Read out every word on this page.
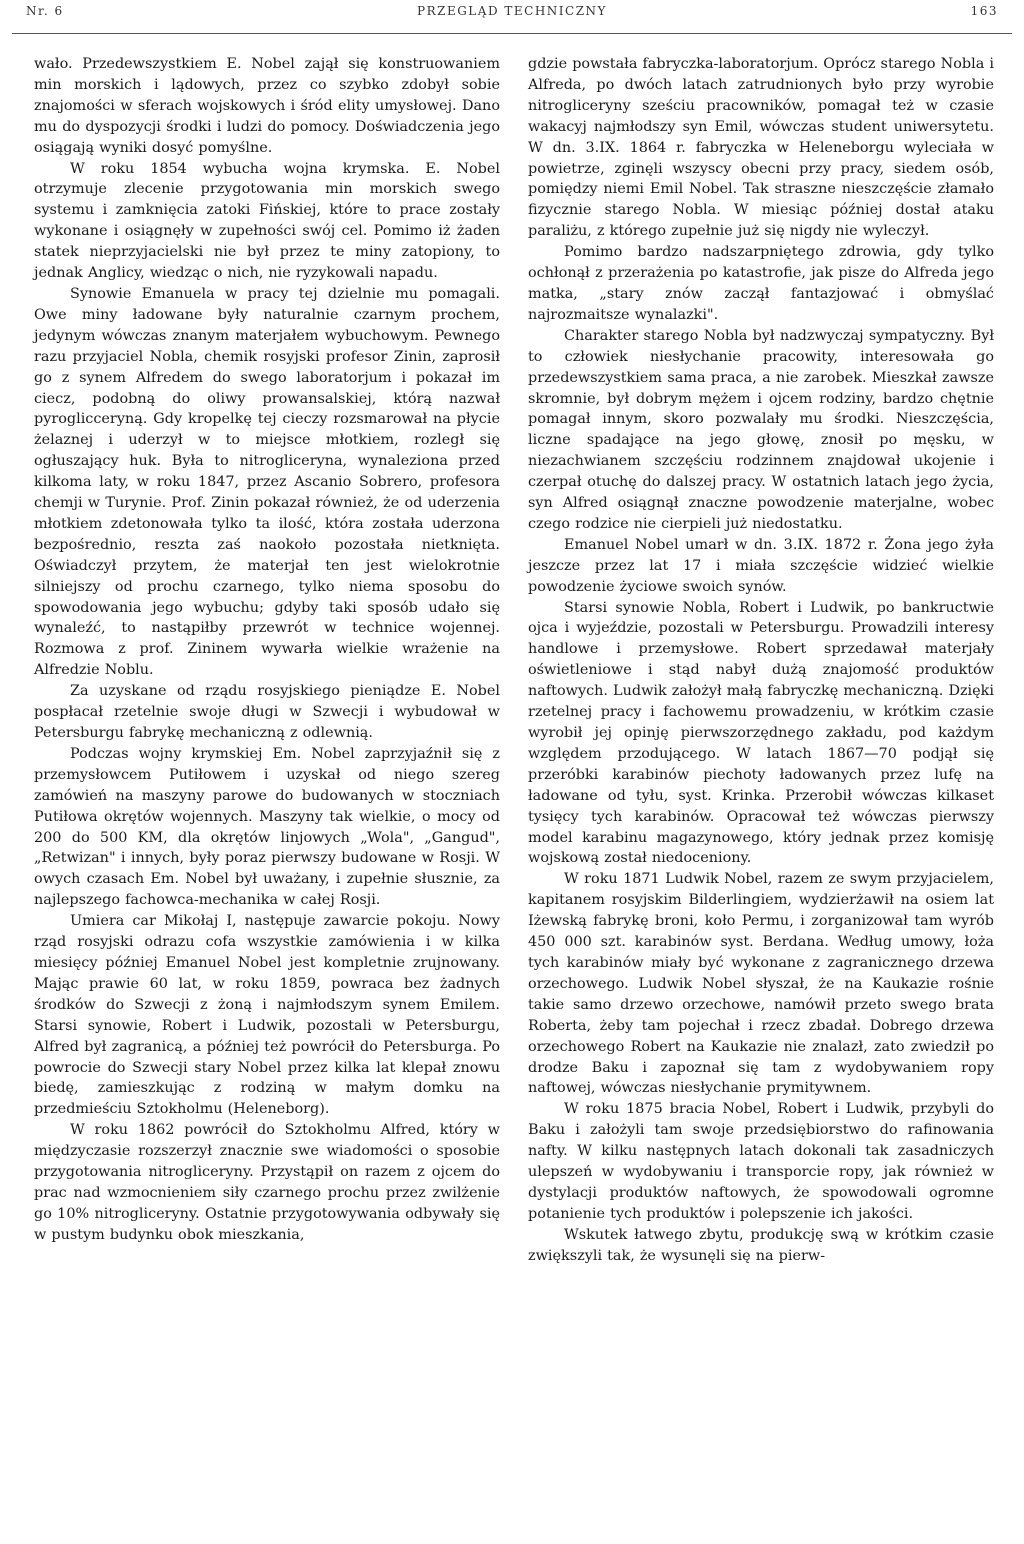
Nr. 6	PRZEGLĄD TECHNICZNY	163

wało. Przedewszystkiem E. Nobel zajął się konstruowaniem min morskich i lądowych, przez co szybko zdobył sobie znajomości w sferach wojskowych i śród elity umysłowej. Dano mu do dyspozycji środki i ludzi do pomocy. Doświadczenia jego osiągają wyniki dosyć pomyślne.

W roku 1854 wybucha wojna krymska. E. Nobel otrzymuje zlecenie przygotowania min morskich swego systemu i zamknięcia zatoki Fińskiej, które to prace zostały wykonane i osiągnęły w zupełności swój cel. Pomimo iż żaden statek nieprzyjacielski nie był przez te miny zatopiony, to jednak Anglicy, wiedząc o nich, nie ryzykowali napadu.

Synowie Emanuela w pracy tej dzielnie mu pomagali. Owe miny ładowane były naturalnie czarnym prochem, jedynym wówczas znanym materjałem wybuchowym. Pewnego razu przyjaciel Nobla, chemik rosyjski profesor Zinin, zaprosił go z synem Alfredem do swego laboratorjum i pokazał im ciecz, podobną do oliwy prowansalskiej, którą nazwał pyroglicceryną. Gdy kropelkę tej cieczy rozsmarował na płycie żelaznej i uderzył w to miejsce młotkiem, rozległ się ogłuszający huk. Była to nitrogliceryna, wynaleziona przed kilkoma laty, w roku 1847, przez Ascanio Sobrero, profesora chemji w Turynie. Prof. Zinin pokazał również, że od uderzenia młotkiem zdetonowała tylko ta ilość, która została uderzona bezpośrednio, reszta zaś naokoło pozostała nietknięta. Oświadczył przytem, że materjał ten jest wielokrotnie silniejszy od prochu czarnego, tylko niema sposobu do spowodowania jego wybuchu; gdyby taki sposób udało się wynaleźć, to nastąpiłby przewrót w technice wojennej. Rozmowa z prof. Zininem wywarła wielkie wrażenie na Alfredzie Noblu.

Za uzyskane od rządu rosyjskiego pieniądze E. Nobel pospłacał rzetelnie swoje długi w Szwecji i wybudował w Petersburgu fabrykę mechaniczną z odlewnią.

Podczas wojny krymskiej Em. Nobel zaprzyjaźnił się z przemysłowcem Putiłowem i uzyskał od niego szereg zamówień na maszyny parowe do budowanych w stoczniach Putiłowa okrętów wojennych. Maszyny tak wielkie, o mocy od 200 do 500 KM, dla okrętów linjowych „Wola", „Gangud", „Retwizan" i innych, były poraz pierwszy budowane w Rosji. W owych czasach Em. Nobel był uważany, i zupełnie słusznie, za najlepszego fachowca-mechanika w całej Rosji.

Umiera car Mikołaj I, następuje zawarcie pokoju. Nowy rząd rosyjski odrazu cofa wszystkie zamówienia i w kilka miesięcy później Emanuel Nobel jest kompletnie zrujnowany. Mając prawie 60 lat, w roku 1859, powraca bez żadnych środków do Szwecji z żoną i najmłodszym synem Emilem. Starsi synowie, Robert i Ludwik, pozostali w Petersburgu, Alfred był zagranicą, a później też powrócił do Petersburga. Po powrocie do Szwecji stary Nobel przez kilka lat klepał znowu biedę, zamieszkując z rodziną w małym domku na przedmieściu Sztokholmu (Heleneborg).

W roku 1862 powrócił do Sztokholmu Alfred, który w międzyczasie rozszerzył znacznie swe wiadomości o sposobie przygotowania nitrogliceryny. Przystąpił on razem z ojcem do prac nad wzmocnieniem siły czarnego prochu przez zwilżenie go 10% nitrogliceryny. Ostatnie przygotowywania odbywały się w pustym budynku obok mieszkania,

gdzie powstała fabryczka-laboratorjum. Oprócz starego Nobla i Alfreda, po dwóch latach zatrudnionych było przy wyrobie nitrogliceryny sześciu pracowników, pomagał też w czasie wakacyj najmłodszy syn Emil, wówczas student uniwersytetu. W dn. 3.IX. 1864 r. fabryczka w Heleneborgu wyleciała w powietrze, zginęli wszyscy obecni przy pracy, siedem osób, pomiędzy niemi Emil Nobel. Tak straszne nieszczęście złamało fizycznie starego Nobla. W miesiąc później dostał ataku paraliżu, z którego zupełnie już się nigdy nie wyleczył.

Pomimo bardzo nadszarpniętego zdrowia, gdy tylko ochłonął z przerażenia po katastrofie, jak pisze do Alfreda jego matka, „stary znów zaczął fantazjować i obmyślać najrozmaitsze wynalazki".

Charakter starego Nobla był nadzwyczaj sympatyczny. Był to człowiek niesłychanie pracowity, interesowała go przedewszystkiem sama praca, a nie zarobek. Mieszkał zawsze skromnie, był dobrym mężem i ojcem rodziny, bardzo chętnie pomagał innym, skoro pozwalały mu środki. Nieszczęścia, liczne spadające na jego głowę, znosił po męsku, w niezachwianem szczęściu rodzinnem znajdował ukojenie i czerpał otuchę do dalszej pracy. W ostatnich latach jego życia, syn Alfred osiągnął znaczne powodzenie materjalne, wobec czego rodzice nie cierpieli już niedostatku.

Emanuel Nobel umarł w dn. 3.IX. 1872 r. Żona jego żyła jeszcze przez lat 17 i miała szczęście widzieć wielkie powodzenie życiowe swoich synów.

Starsi synowie Nobla, Robert i Ludwik, po bankructwie ojca i wyjeździe, pozostali w Petersburgu. Prowadzili interesy handlowe i przemysłowe. Robert sprzedawał materjały oświetleniowe i stąd nabył dużą znajomość produktów naftowych. Ludwik założył małą fabryczkę mechaniczną. Dzięki rzetelnej pracy i fachowemu prowadzeniu, w krótkim czasie wyrobił jej opinję pierwszorzędnego zakładu, pod każdym względem przodującego. W latach 1867—70 podjął się przeróbki karabinów piechoty ładowanych przez lufę na ładowane od tyłu, syst. Krinka. Przerobił wówczas kilkaset tysięcy tych karabinów. Opracował też wówczas pierwszy model karabinu magazynowego, który jednak przez komisję wojskową został niedoceniony.

W roku 1871 Ludwik Nobel, razem ze swym przyjacielem, kapitanem rosyjskim Bilderlingiem, wydzierżawił na osiem lat Iżewską fabrykę broni, koło Permu, i zorganizował tam wyrób 450 000 szt. karabinów syst. Berdana. Według umowy, łoża tych karabinów miały być wykonane z zagranicznego drzewa orzechowego. Ludwik Nobel słyszał, że na Kaukazie rośnie takie samo drzewo orzechowe, namówił przeto swego brata Roberta, żeby tam pojechał i rzecz zbadał. Dobrego drzewa orzechowego Robert na Kaukazie nie znalazł, zato zwiedził po drodze Baku i zapoznał się tam z wydobywaniem ropy naftowej, wówczas niesłychanie prymitywnem.

W roku 1875 bracia Nobel, Robert i Ludwik, przybyli do Baku i założyli tam swoje przedsiębiorstwo do rafinowania nafty. W kilku następnych latach dokonali tak zasadniczych ulepszeń w wydobywaniu i transporcie ropy, jak również w dystylacji produktów naftowych, że spowodowali ogromne potanienie tych produktów i polepszenie ich jakości.

Wskutek łatwego zbytu, produkcję swą w krótkim czasie zwiększyli tak, że wysunęli się na pierw-
